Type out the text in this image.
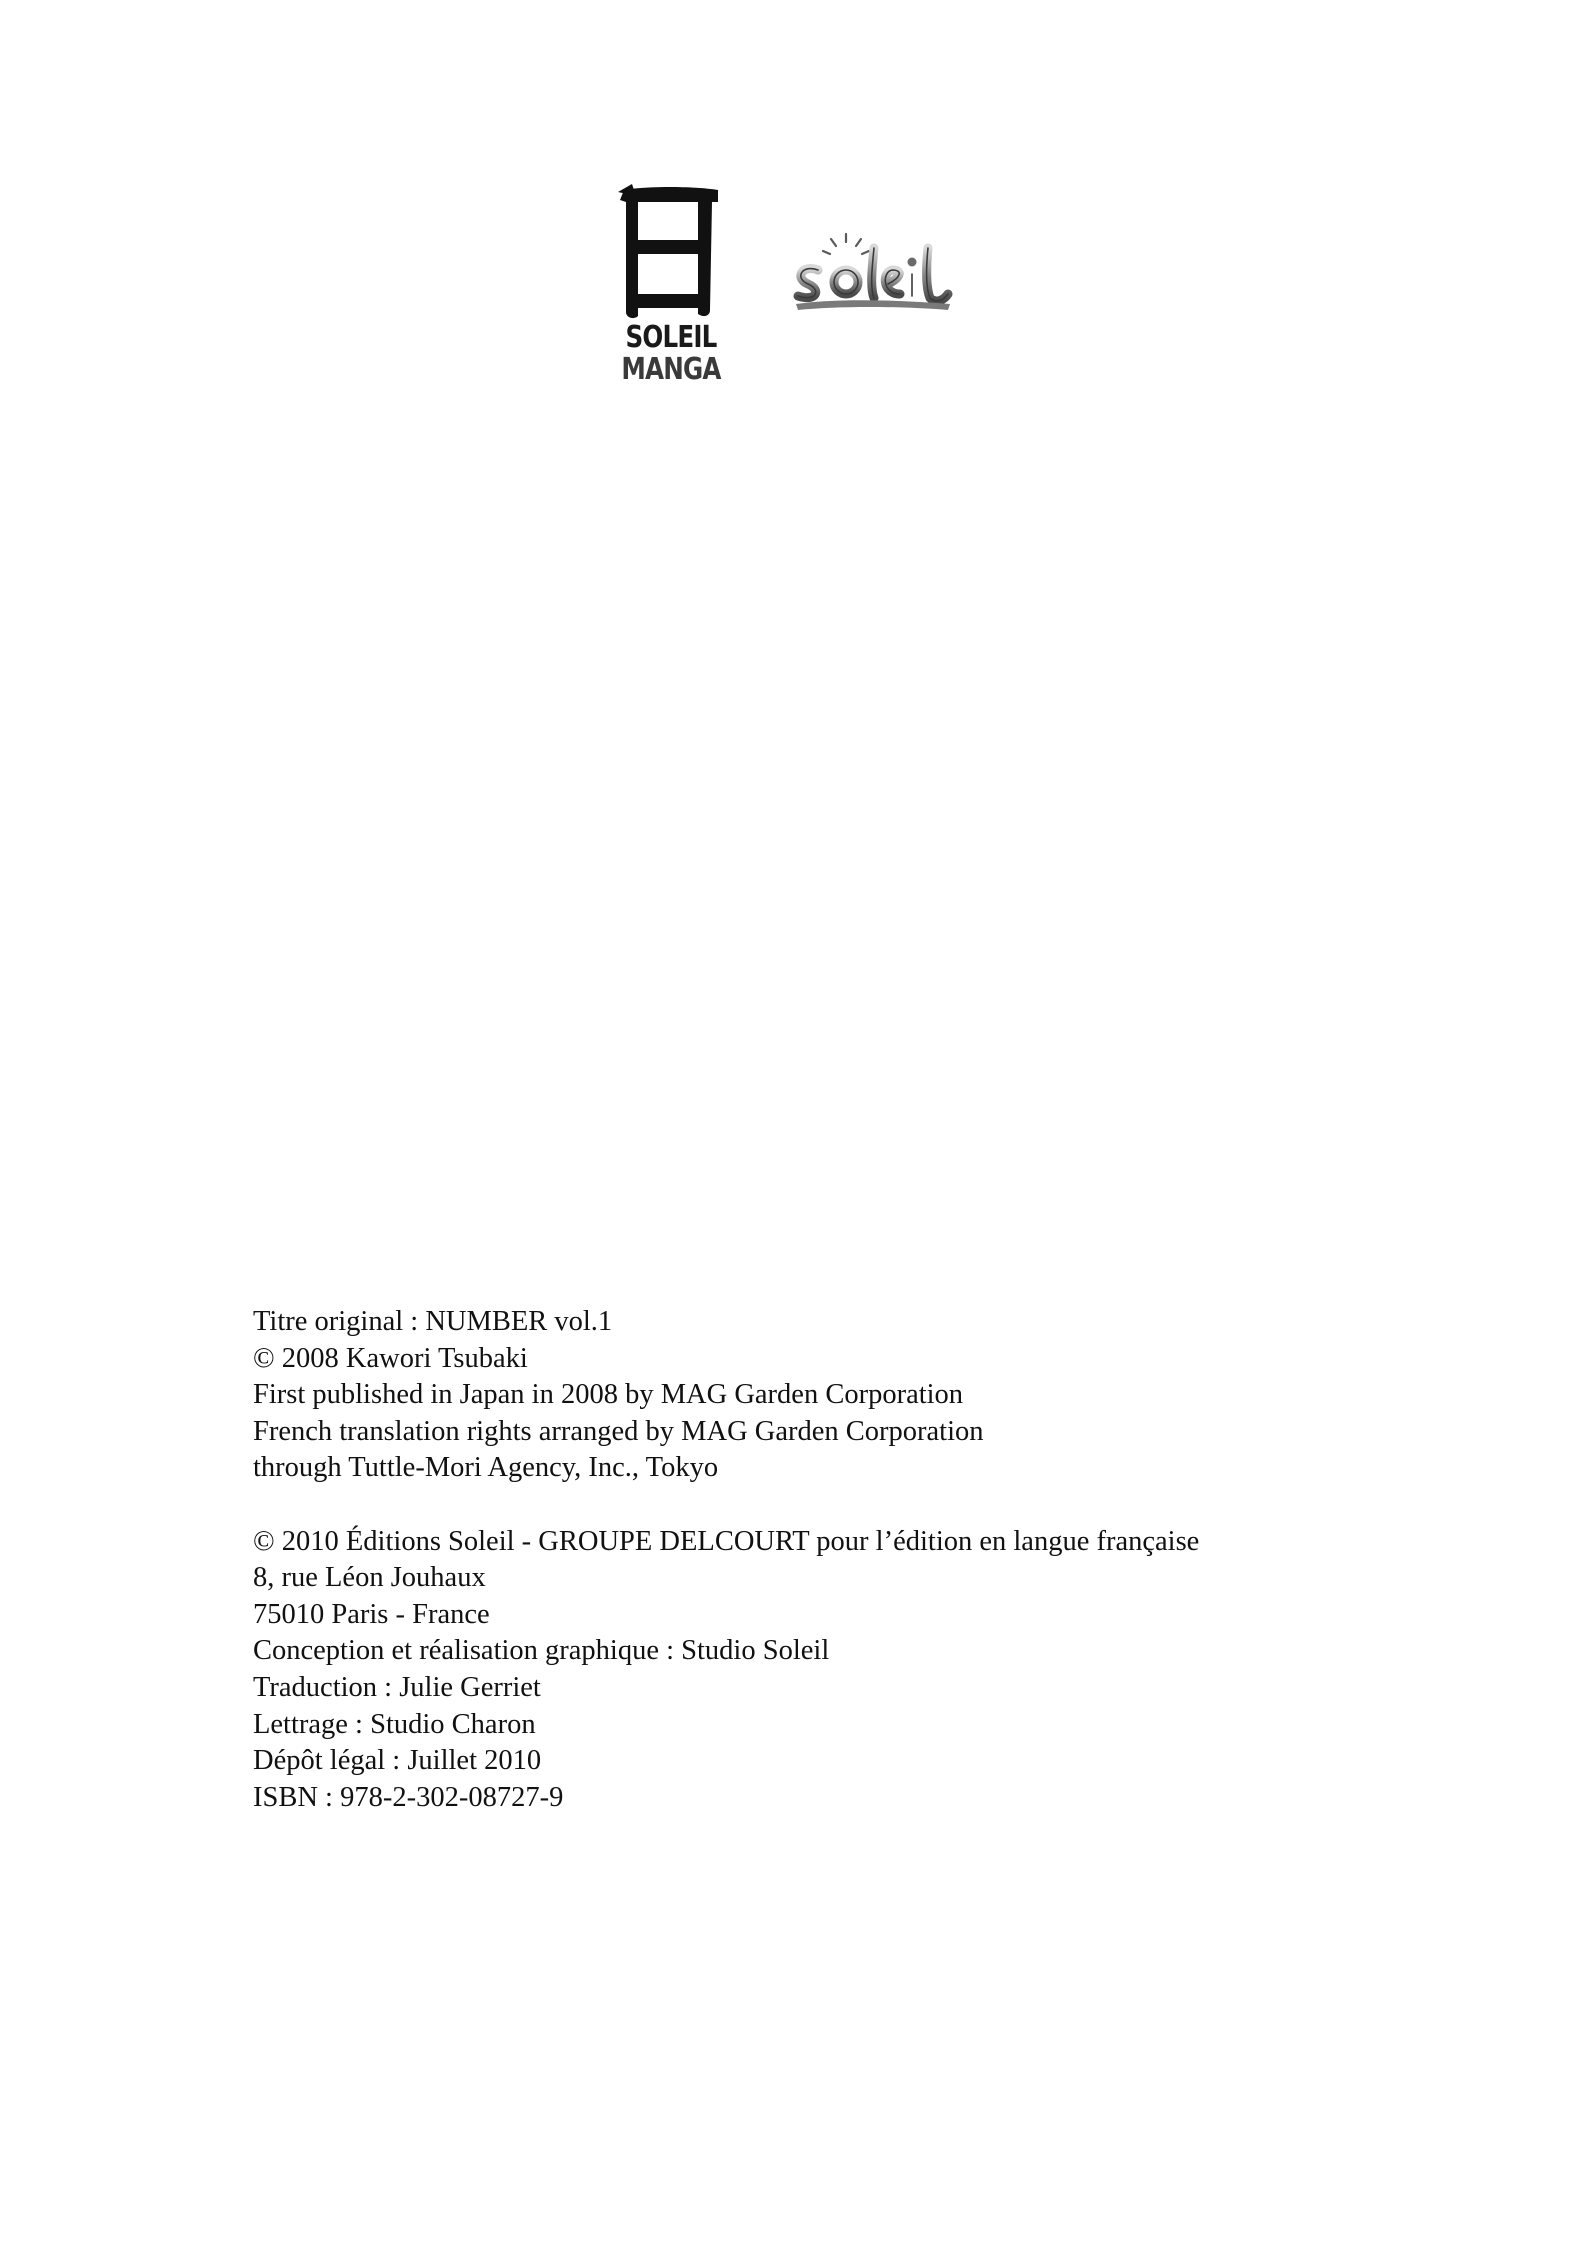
SOLEIL
MANGA

Titre original : NUMBER vol.1

© 2008 Kawori Tsubaki

First published in Japan in 2008 by MAG Garden Corporation

French translation rights arranged by MAG Garden Corporation

through Tuttle-Mori Agency, Inc., Tokyo

© 2010 Éditions Soleil - GROUPE DELCOURT pour l’édition en langue française

8, rue Léon Jouhaux

75010 Paris - France

Conception et réalisation graphique : Studio Soleil

Traduction : Julie Gerriet

Lettrage : Studio Charon

Dépôt légal : Juillet 2010

ISBN : 978-2-302-08727-9
